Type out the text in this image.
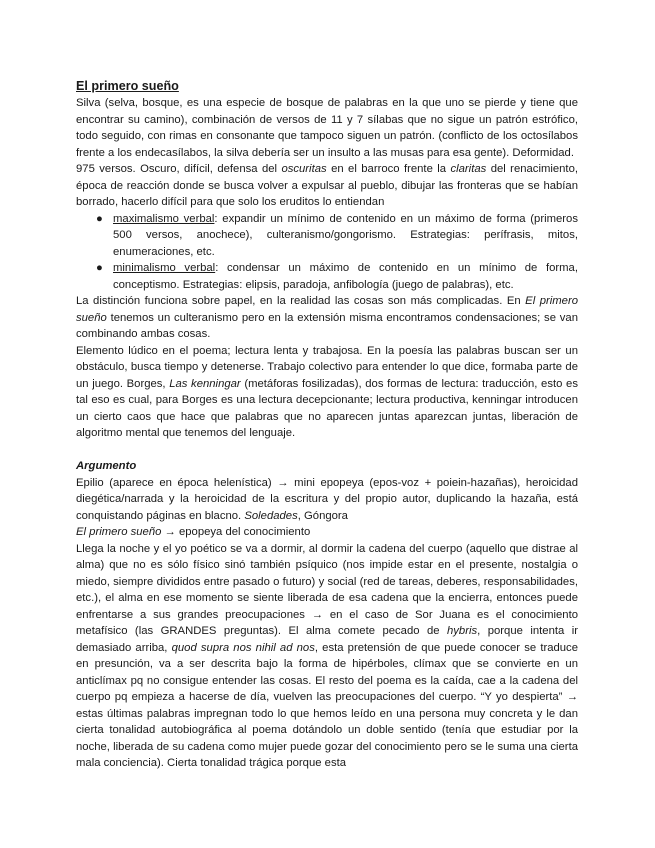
El primero sueño

Silva (selva, bosque, es una especie de bosque de palabras en la que uno se pierde y tiene que encontrar su camino), combinación de versos de 11 y 7 sílabas que no sigue un patrón estrófico, todo seguido, con rimas en consonante que tampoco siguen un patrón. (conflicto de los octosílabos frente a los endecasílabos, la silva debería ser un insulto a las musas para esa gente). Deformidad.

975 versos. Oscuro, difícil, defensa del oscuritas en el barroco frente la claritas del renacimiento, época de reacción donde se busca volver a expulsar al pueblo, dibujar las fronteras que se habían borrado, hacerlo difícil para que solo los eruditos lo entiendan

● maximalismo verbal: expandir un mínimo de contenido en un máximo de forma (primeros 500 versos, anochece), culteranismo/gongorismo. Estrategias: perífrasis, mitos, enumeraciones, etc.
● minimalismo verbal: condensar un máximo de contenido en un mínimo de forma, conceptismo. Estrategias: elipsis, paradoja, anfibología (juego de palabras), etc.

La distinción funciona sobre papel, en la realidad las cosas son más complicadas. En El primero sueño tenemos un culteranismo pero en la extensión misma encontramos condensaciones; se van combinando ambas cosas.

Elemento lúdico en el poema; lectura lenta y trabajosa. En la poesía las palabras buscan ser un obstáculo, busca tiempo y detenerse. Trabajo colectivo para entender lo que dice, formaba parte de un juego. Borges, Las kenningar (metáforas fosilizadas), dos formas de lectura: traducción, esto es tal eso es cual, para Borges es una lectura decepcionante; lectura productiva, kenningar introducen un cierto caos que hace que palabras que no aparecen juntas aparezcan juntas, liberación de algoritmo mental que tenemos del lenguaje.

Argumento

Epilio (aparece en época helenística) → mini epopeya (epos-voz + poiein-hazañas), heroicidad diegética/narrada y la heroicidad de la escritura y del propio autor, duplicando la hazaña, está conquistando páginas en blacno. Soledades, Góngora

El primero sueño → epopeya del conocimiento

Llega la noche y el yo poético se va a dormir, al dormir la cadena del cuerpo (aquello que distrae al alma) que no es sólo físico sinó también psíquico (nos impide estar en el presente, nostalgia o miedo, siempre divididos entre pasado o futuro) y social (red de tareas, deberes, responsabilidades, etc.), el alma en ese momento se siente liberada de esa cadena que la encierra, entonces puede enfrentarse a sus grandes preocupaciones → en el caso de Sor Juana es el conocimiento metafísico (las GRANDES preguntas). El alma comete pecado de hybris, porque intenta ir demasiado arriba, quod supra nos nihil ad nos, esta pretensión de que puede conocer se traduce en presunción, va a ser descrita bajo la forma de hipérboles, clímax que se convierte en un anticlímax pq no consigue entender las cosas. El resto del poema es la caída, cae a la cadena del cuerpo pq empieza a hacerse de día, vuelven las preocupaciones del cuerpo. “Y yo despierta” → estas últimas palabras impregnan todo lo que hemos leído en una persona muy concreta y le dan cierta tonalidad autobiográfica al poema dotándolo un doble sentido (tenía que estudiar por la noche, liberada de su cadena como mujer puede gozar del conocimiento pero se le suma una cierta mala conciencia). Cierta tonalidad trágica porque esta
